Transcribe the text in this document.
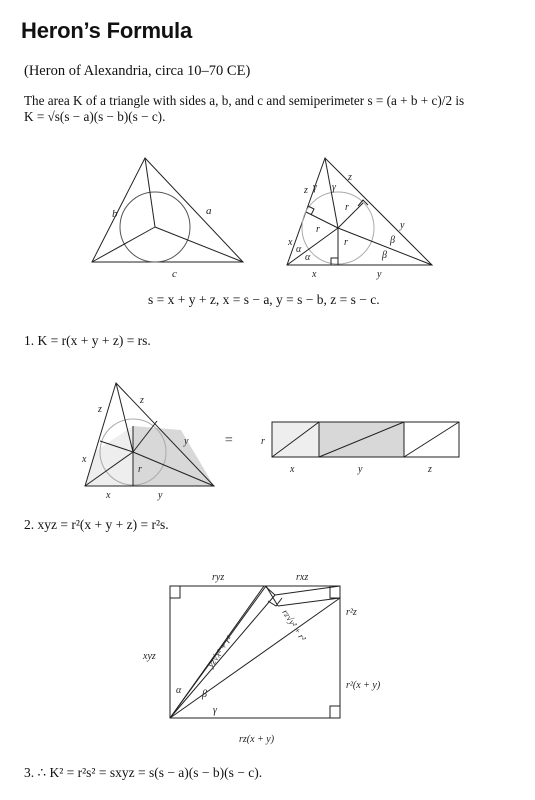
Heron’s Formula
(Heron of Alexandria, circa 10–70 CE)
The area K of a triangle with sides a, b, and c and semiperimeter s = (a + b + c)/2 is
K = √s(s − a)(s − b)(s − c).
b	a
c
z γ γ
z
r
r
r
x
α
α
x
β
β
y
y
z
z
x
x
y
y
r
=	r
x	y	z
ryz	rxz
r²z
xyz
r²(x + y)
rz(x + y)
yz√x² + r²
rz√y² + r²
α β
γ
s = x + y + z, x = s − a, y = s − b, z = s − c.
1. K = r(x + y + z) = rs.
2. xyz = r²(x + y + z) = r²s.
3. ∴ K² = r²s² = sxyz = s(s − a)(s − b)(s − c).
